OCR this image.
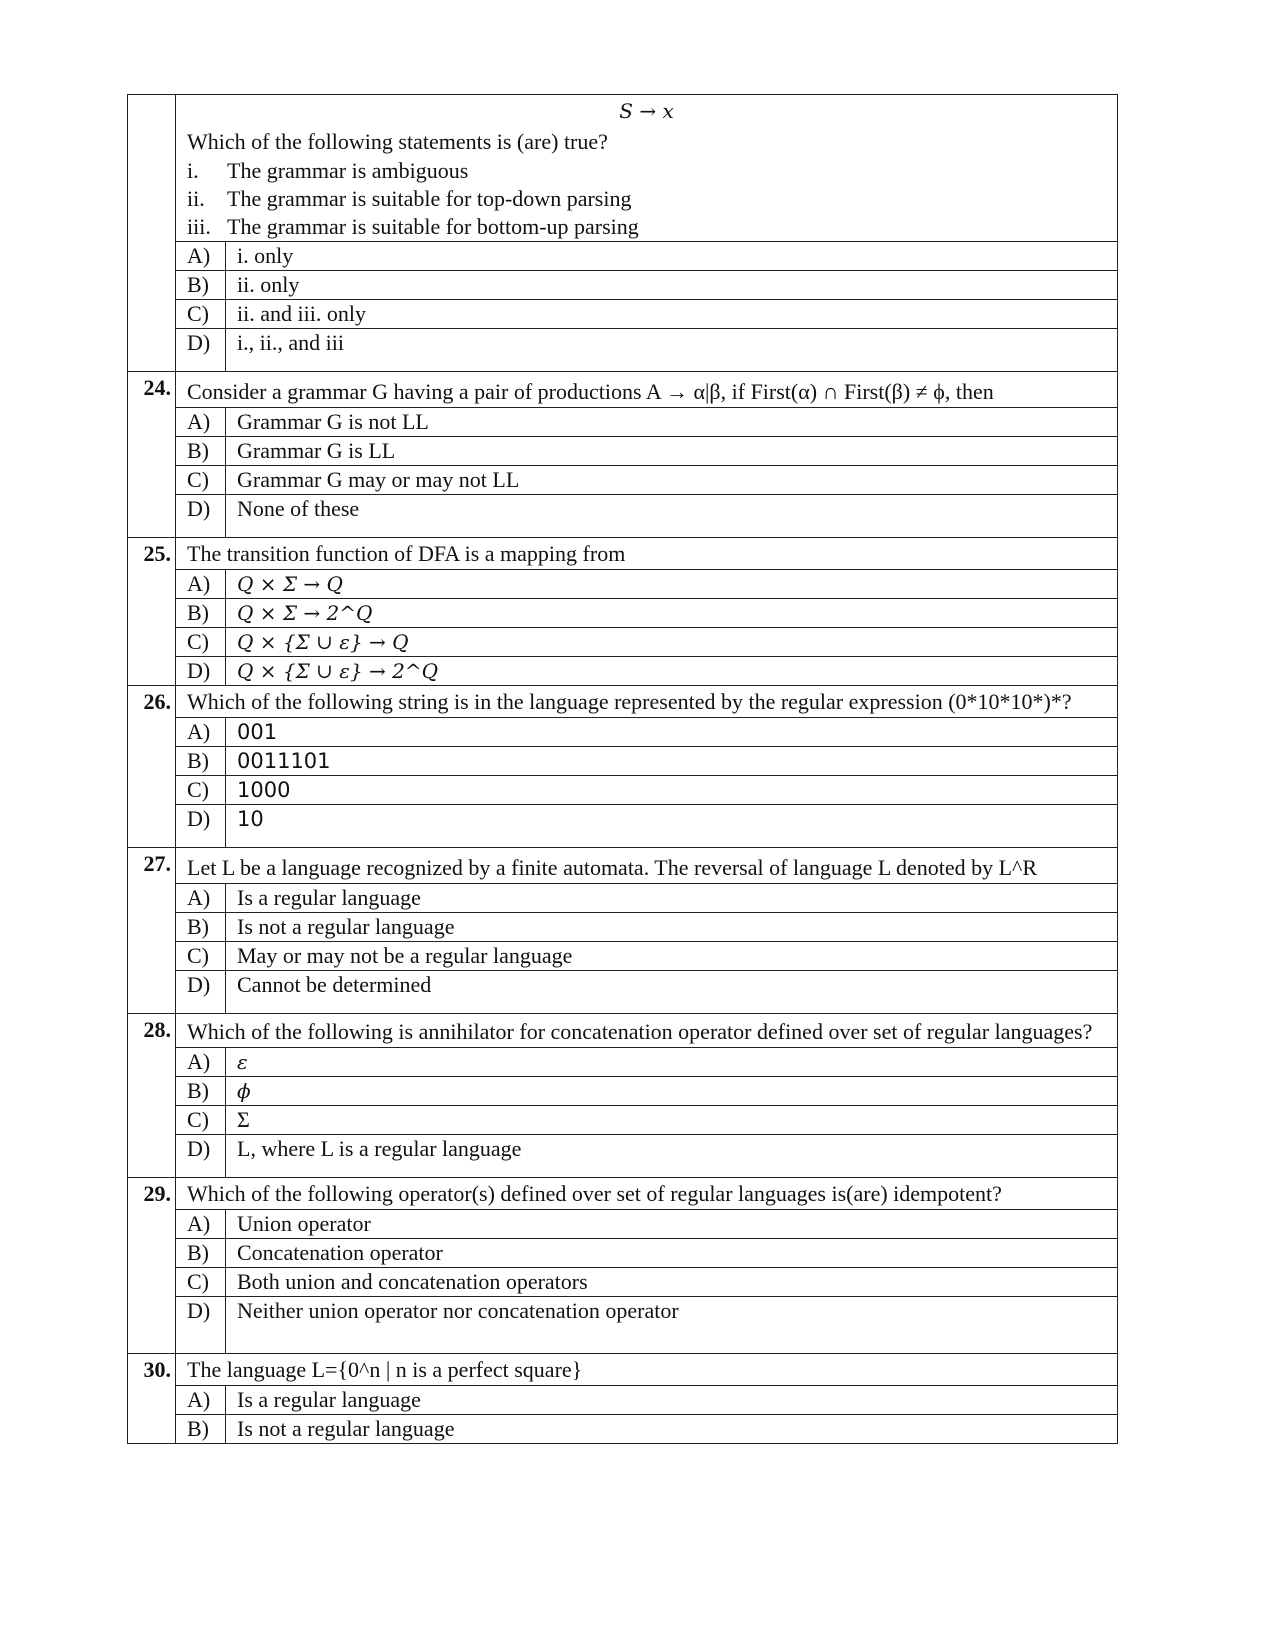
S → x
Which of the following statements is (are) true?
i.	The grammar is ambiguous
ii.	The grammar is suitable for top-down parsing
iii. The grammar is suitable for bottom-up parsing
A)	i. only
B)	ii. only
C)	ii. and iii. only
D)	i., ii., and iii
24. Consider a grammar G having a pair of productions A → α|β, if First(α) ∩ First(β) ≠ ϕ, then
A)	Grammar G is not LL
B)	Grammar G is LL
C)	Grammar G may or may not LL
D)	None of these
25. The transition function of DFA is a mapping from
A)	Q × Σ → Q
B)	Q × Σ → 2^Q
C)	Q × {Σ ∪ ε} → Q
D)	Q × {Σ ∪ ε} → 2^Q
26. Which of the following string is in the language represented by the regular expression (0*10*10*)*?
A)	001
B)	0011101
C)	1000
D)	10
27. Let L be a language recognized by a finite automata. The reversal of language L denoted by L^R
A)	Is a regular language
B)	Is not a regular language
C)	May or may not be a regular language
D)	Cannot be determined
28. Which of the following is annihilator for concatenation operator defined over set of regular languages?
A)	ε
B)	ϕ
C)	Σ
D)	L, where L is a regular language
29. Which of the following operator(s) defined over set of regular languages is(are) idempotent?
A)	Union operator
B)	Concatenation operator
C)	Both union and concatenation operators
D)	Neither union operator nor concatenation operator
30. The language L={0^n | n is a perfect square}
A)	Is a regular language
B)	Is not a regular language
